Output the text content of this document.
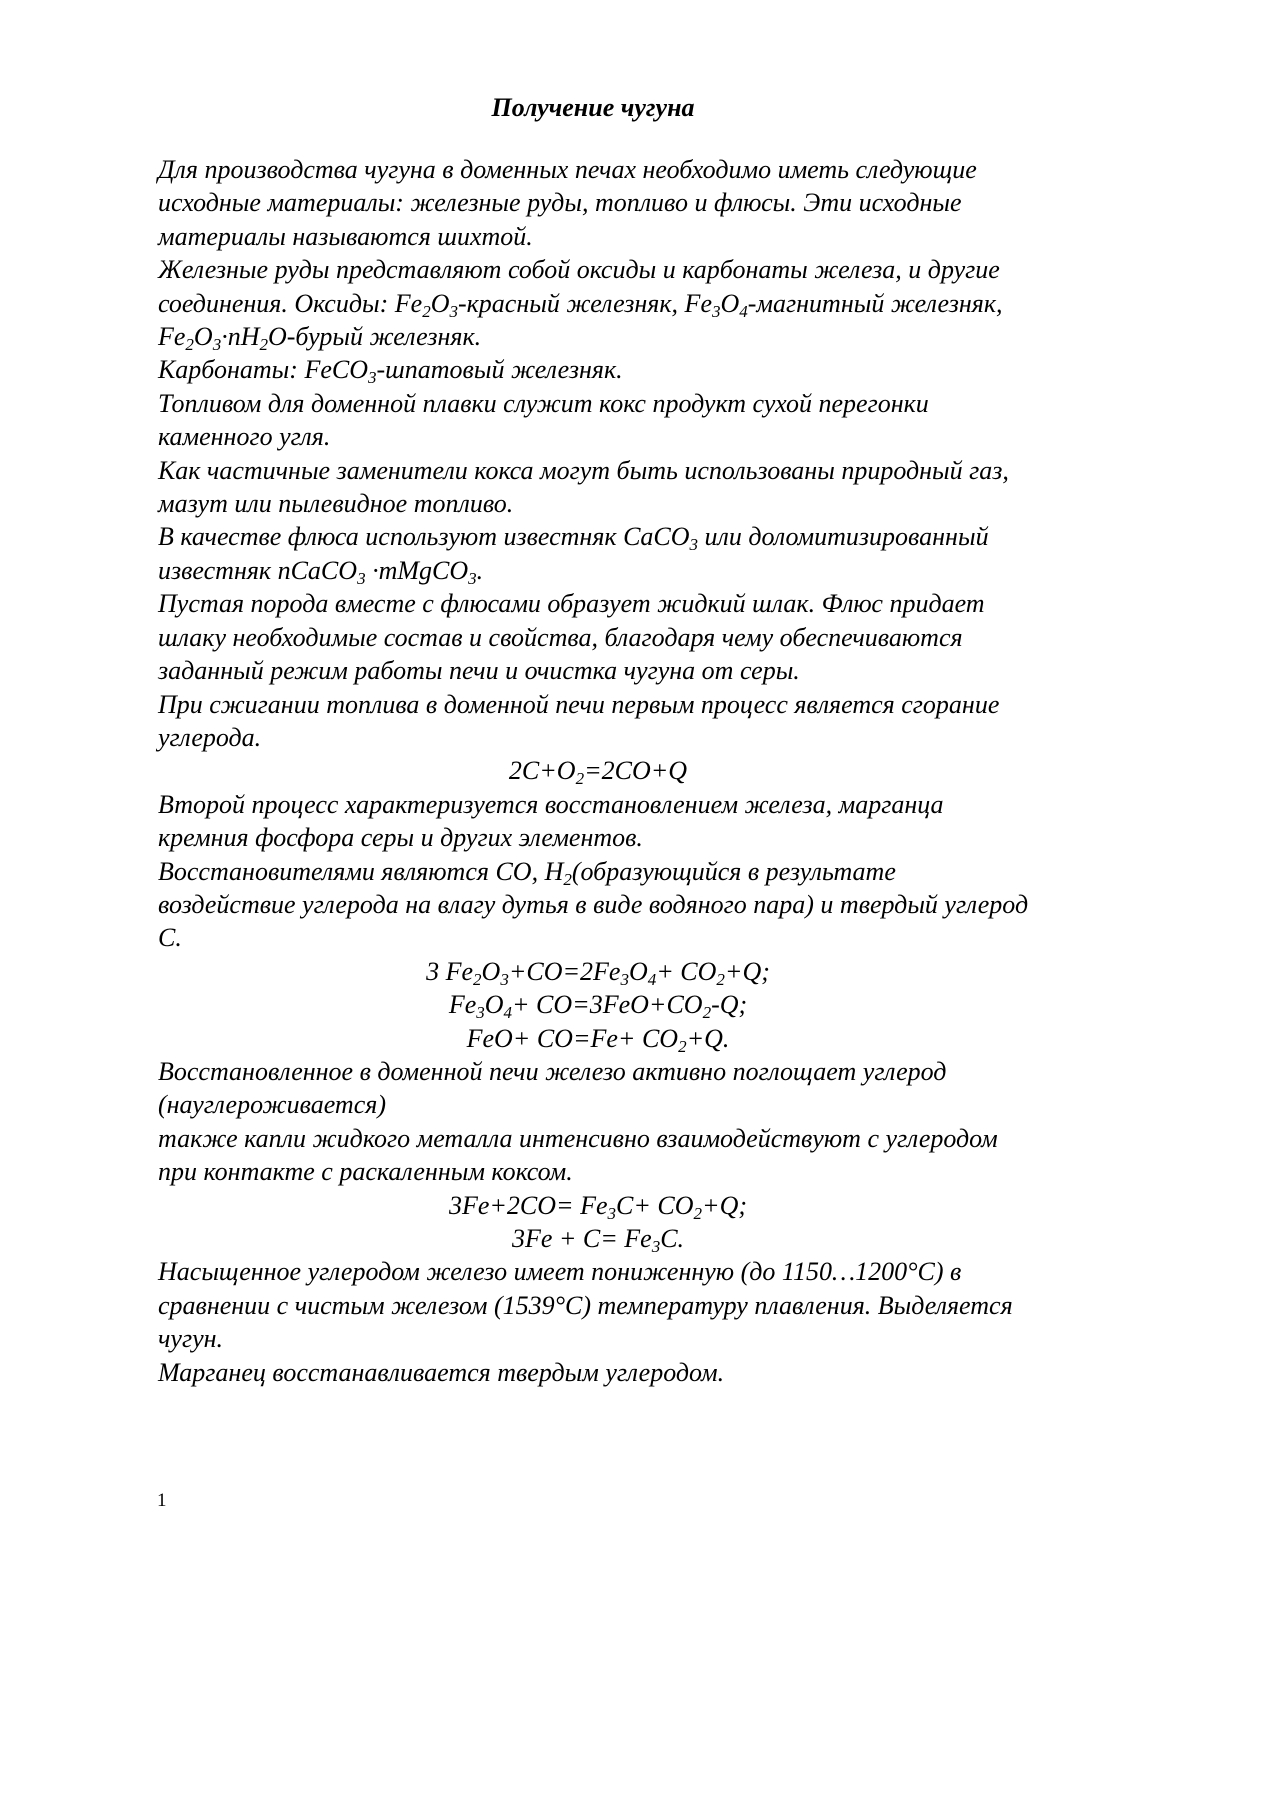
Получение чугуна

Для производства чугуна в доменных печах необходимо иметь следующие исходные материалы: железные руды, топливо и флюсы. Эти исходные материалы называются шихтой.

Железные руды представляют собой оксиды и карбонаты железа, и другие соединения. Оксиды: $Fe_2O_3$-красный железняк, $Fe_3O_4$-магнитный железняк,

$Fe_2O_3\cdot nH_2O$-бурый железняк.

Карбонаты: FeCO$_3$-шпатовый железняк.

Топливом для доменной плавки служит кокс продукт сухой перегонки каменного угля.

Как частичные заменители кокса могут быть использованы природный газ, мазут или пылевидное топливо.

В качестве флюса используют известняк CaCO$_3$ или доломитизированный известняк nCaCO$_3$ ·mMgCO$_3$.

Пустая порода вместе с флюсами образует жидкий шлак. Флюс придает шлаку необходимые состав и свойства, благодаря чему обеспечиваются заданный режим работы печи и очистка чугуна от серы.

При сжигании топлива в доменной печи первым процесс является сгорание углерода.

$2C+O_2=2CO+Q$

Второй процесс характеризуется восстановлением железа, марганца кремния фосфора серы и других элементов.

Восстановителями являются CO, $H_2(образующийся$ в результате воздействие углерода на влагу дутья в виде водяного пара) и твердый углерод C.

3 $Fe_2O_3+CO=2Fe_3O_4+ CO_2+Q$;

$Fe_3O_4+ CO=3FeO+CO_2-Q$;

$FeO+ CO=Fe+ CO_2+Q$.

Восстановленное в доменной печи железо активно поглощает углерод (науглероживается)

также капли жидкого металла интенсивно взаимодействуют с углеродом при контакте с раскаленным коксом.

$3Fe+2CO= Fe_3C+ CO_2+Q$;

$3Fe + C= Fe_3C$.

Насыщенное углеродом железо имеет пониженную (до 1150…1200°C) в сравнении с чистым железом (1539°C) температуру плавления. Выделяется чугун.

Марганец восстанавливается твердым углеродом.

1
